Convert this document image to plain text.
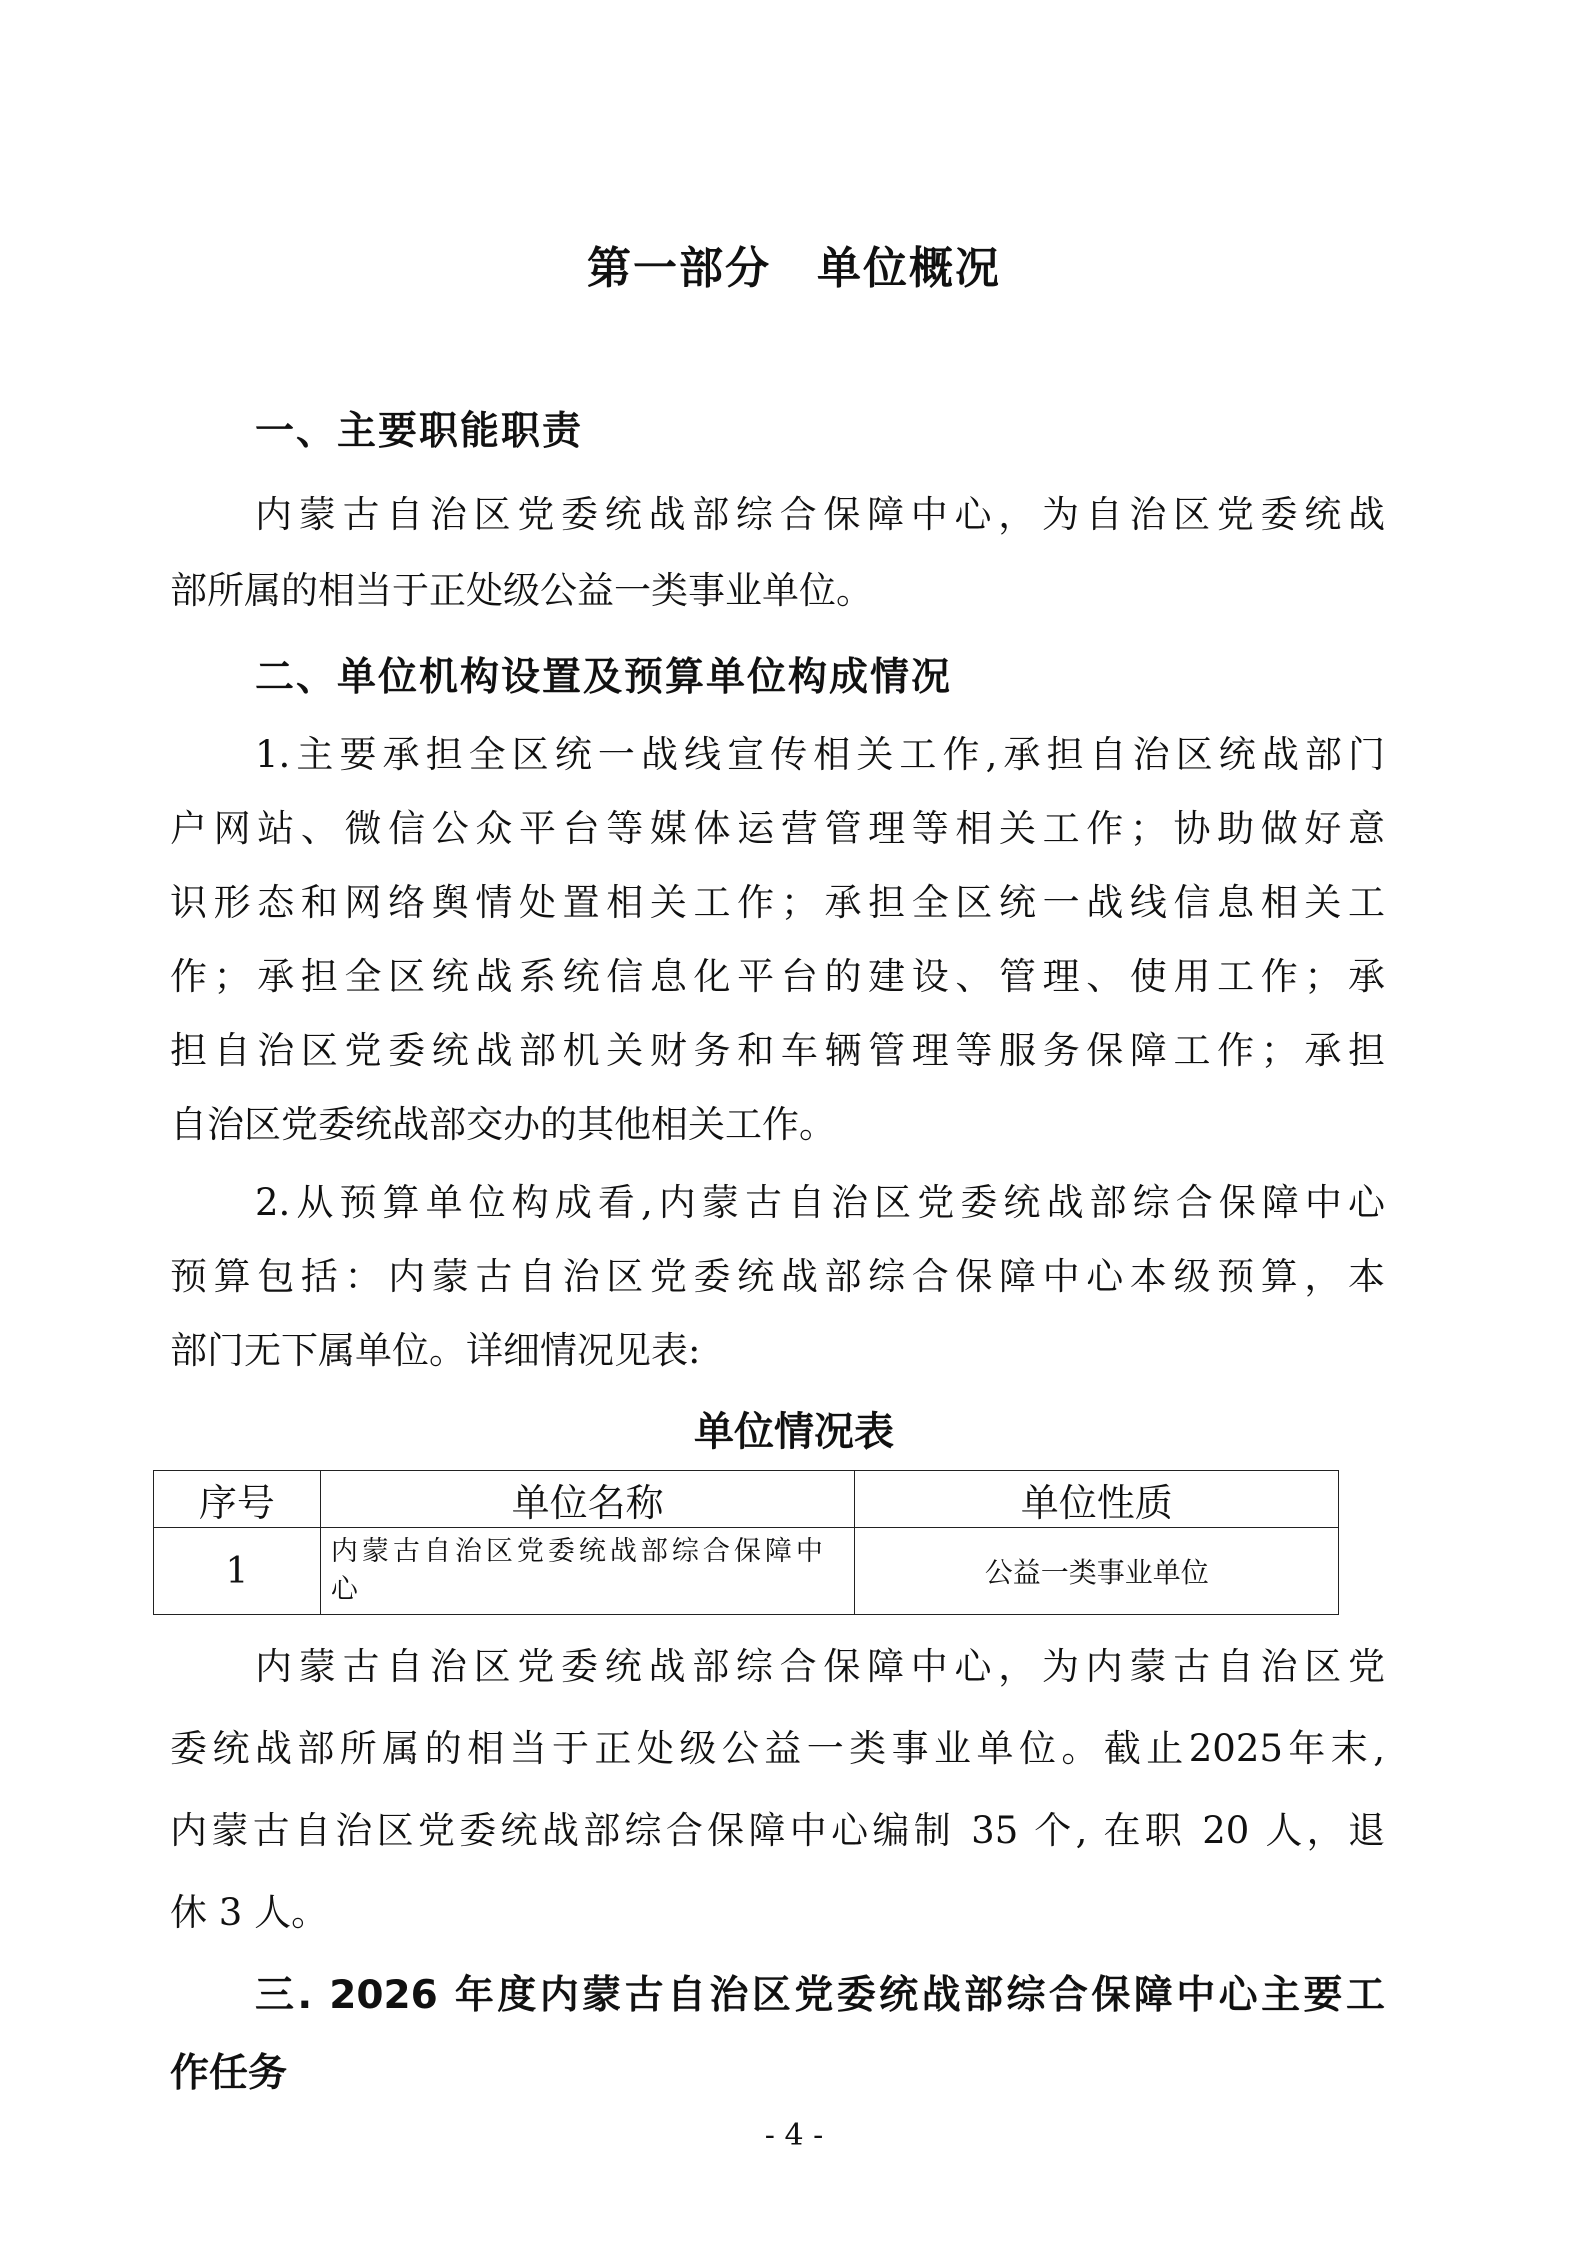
第一部分　单位概况
一、主要职能职责
内蒙古自治区党委统战部综合保障中心，为自治区党委统战
部所属的相当于正处级公益一类事业单位。
二、单位机构设置及预算单位构成情况
1.主要承担全区统一战线宣传相关工作,承担自治区统战部门
户网站、微信公众平台等媒体运营管理等相关工作；协助做好意
识形态和网络舆情处置相关工作；承担全区统一战线信息相关工
作；承担全区统战系统信息化平台的建设、管理、使用工作；承
担自治区党委统战部机关财务和车辆管理等服务保障工作；承担
自治区党委统战部交办的其他相关工作。
2.从预算单位构成看,内蒙古自治区党委统战部综合保障中心
预算包括：内蒙古自治区党委统战部综合保障中心本级预算，本
部门无下属单位。详细情况见表:
单位情况表
序号	单位名称	单位性质
1	内蒙古自治区党委统战部综合保障中心	公益一类事业单位
内蒙古自治区党委统战部综合保障中心，为内蒙古自治区党
委统战部所属的相当于正处级公益一类事业单位。截止2025年末,
内蒙古自治区党委统战部综合保障中心编制 35 个, 在职 20 人，退
休 3 人。
三. 2026 年度内蒙古自治区党委统战部综合保障中心主要工
作任务
- 4 -
